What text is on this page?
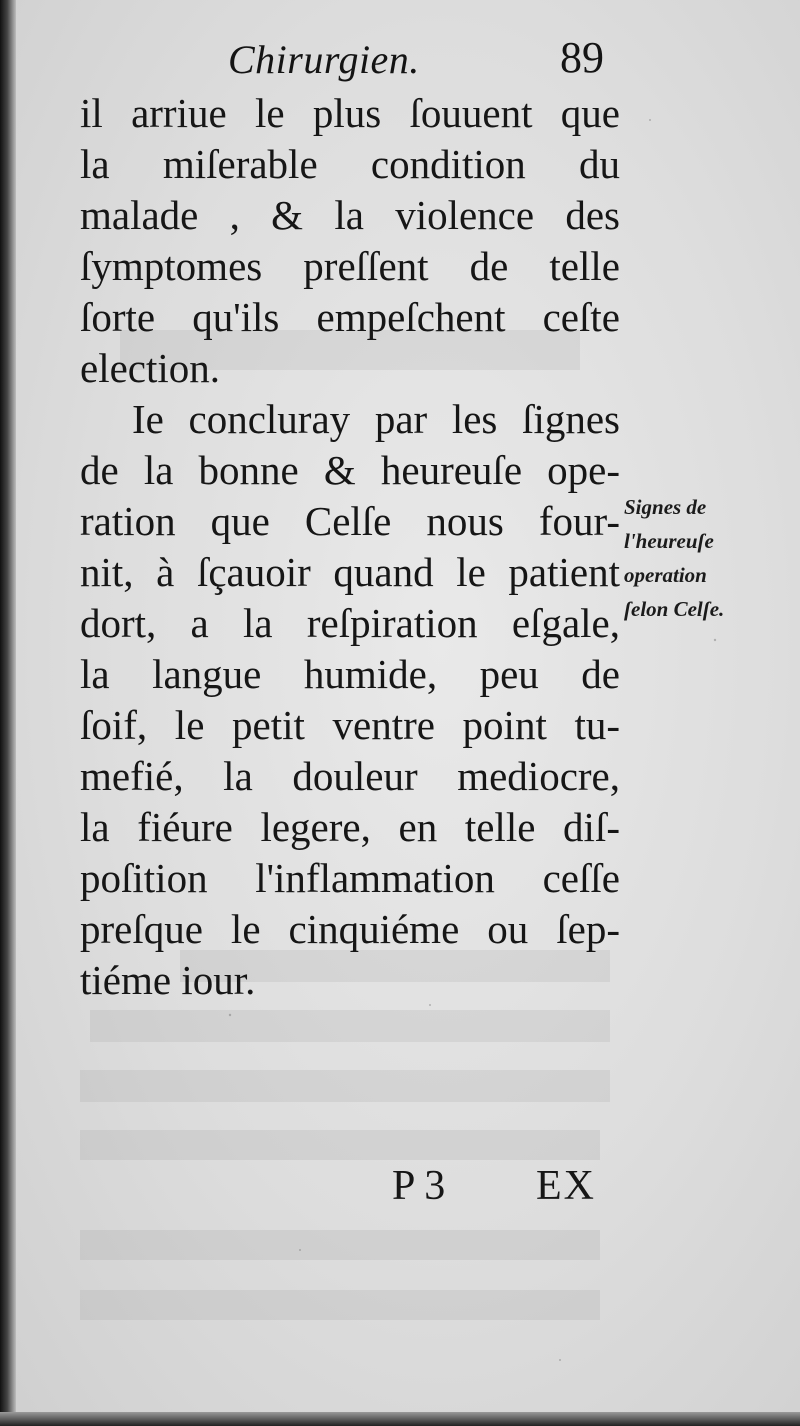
Chirurgien.	89
il arriue le plus ſouuent que
la miſerable condition du
malade , & la violence des
ſymptomes preſſent de telle
ſorte qu'ils empeſchent ceſte
election.
Ie concluray par les ſignes
de la bonne & heureuſe ope-
ration que Celſe nous four-
nit, à ſçauoir quand le patient
dort, a la reſpiration eſgale,
la langue humide, peu de
ſoif, le petit ventre point tu-
mefié, la douleur mediocre,
la fiéure legere, en telle diſ-
poſition l'inflammation ceſſe
preſque le cinquiéme ou ſep-
tiéme iour.
Signes de
l'heureuſe
operation
ſelon Celſe.
P 3 EX
